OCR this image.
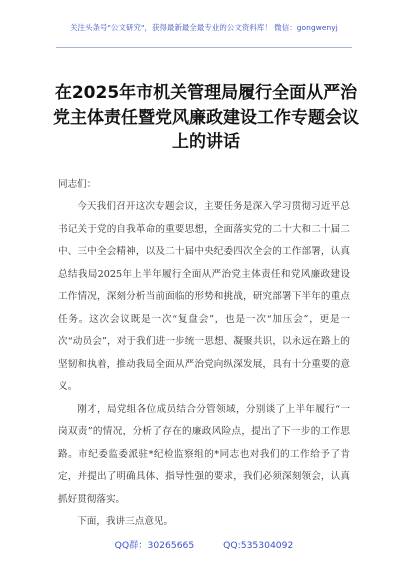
关注头条号"公文研究"，获得最新最全最专业的公文资料库！ 微信：gongwenyj
在2025年市机关管理局履行全面从严治党主体责任暨党风廉政建设工作专题会议上的讲话
同志们：

今天我们召开这次专题会议，主要任务是深入学习贯彻习近平总书记关于党的自我革命的重要思想，全面落实党的二十大和二十届二中、三中全会精神，以及二十届中央纪委四次全会的工作部署，认真总结我局2025年上半年履行全面从严治党主体责任和党风廉政建设工作情况，深刻分析当前面临的形势和挑战，研究部署下半年的重点任务。这次会议既是一次“复盘会”，也是一次“加压会”，更是一次“动员会”，对于我们进一步统一思想、凝聚共识，以永远在路上的坚韧和执着，推动我局全面从严治党向纵深发展，具有十分重要的意义。

刚才，局党组各位成员结合分管领域，分别谈了上半年履行“一岗双责”的情况，分析了存在的廉政风险点，提出了下一步的工作思路。市纪委监委派驻*纪检监察组的*同志也对我们的工作给予了肯定，并提出了明确具体、指导性强的要求，我们必须深刻领会，认真抓好贯彻落实。

下面，我讲三点意见。

QQ群：30265665	QQ:535304092
